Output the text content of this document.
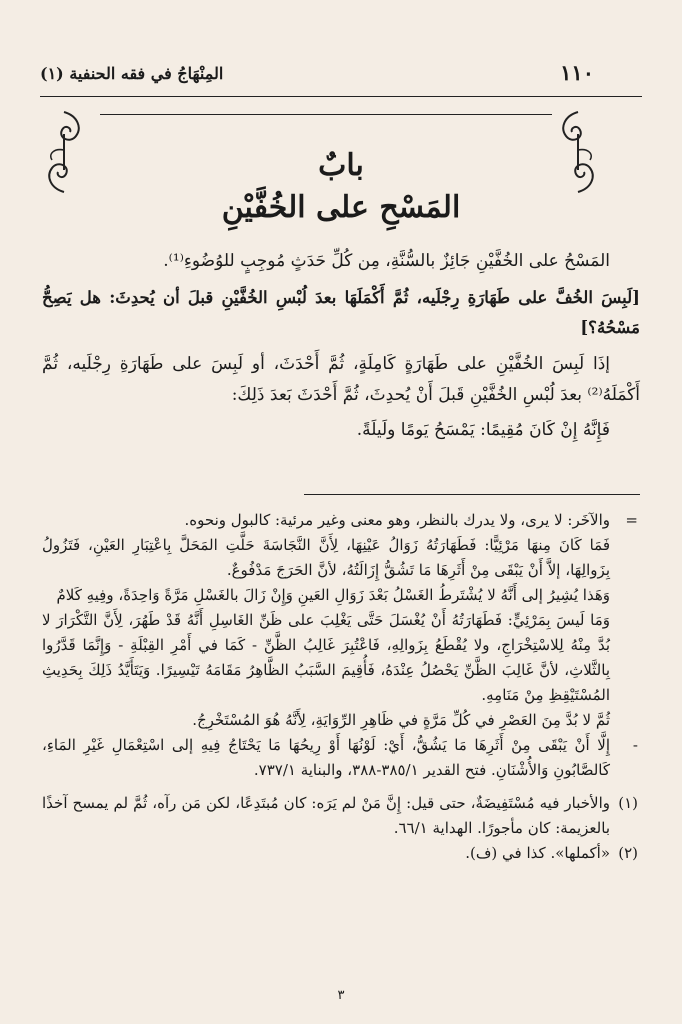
١١٠
المِنْهَاجُ في فقه الحنفية (١)
بابٌ
المَسْحِ على الخُفَّيْنِ

المَسْحُ على الخُفَّيْنِ جَائِزٌ بالسُّنَّةِ، مِن كُلِّ حَدَثٍ مُوجِبٍ للوُضُوءِ⁽¹⁾.

[لَبِسَ الخُفَّ على طَهَارَةِ رِجْلَيه، ثُمَّ أَكْمَلَهَا بعدَ لُبْسِ الخُفَّيْنِ قبلَ أن يُحدِثَ: هل يَصِحُّ مَسْحُهُ؟]

إذَا لَبِسَ الخُفَّيْنِ على طَهَارَةٍ كَامِلَةٍ، ثُمَّ أَحْدَثَ، أو لَبِسَ على طَهَارَةِ رِجْلَيه، ثُمَّ أَكْمَلَهُ⁽²⁾ بعدَ لُبْسِ الخُفَّيْنِ قَبلَ أَنْ يُحدِثَ، ثُمَّ أَحْدَثَ بَعدَ ذَلِكَ:

فَإِنَّهُ إِنْ كَانَ مُقِيمًا: يَمْسَحُ يَومًا ولَيلَةً.

=
والآخَر: لا يرى، ولا يدرك بالنظر، وهو معنى وغير مرئية: كالبول ونحوه.

فَمَا كَانَ مِنهَا مَرْئِيًّا: فَطَهَارَتُهُ زَوَالُ عَيْنِهَا، لِأَنَّ النَّجَاسَةَ حَلَّتِ المَحَلَّ بِاعْتِبَارِ العَيْنِ، فَتَزُولُ بِزَوالِهَا، إلاَّ أَنْ يَبْقَى مِنْ أَثَرِهَا مَا تَشُقُّ إِزَالَتُهُ، لأنَّ الحَرَجَ مَدْفُوعٌ.

وَهَذا يُشِيرُ إلى أَنَّهُ لا يُشْتَرطُ الغَسْلُ بَعْدَ زَوَالِ العَينِ وَإِنْ زَالَ بالغَسْلِ مَرَّةً وَاحِدَةً، وفِيهِ كَلامٌ

وَمَا لَيسَ بِمَرْئِيٍّ: فَطَهَارَتُهُ أَنْ يُغْسَلَ حَتَّى يَغْلِبَ على ظَنِّ الغَاسِلِ أَنَّهُ قَدْ طَهُرَ، لِأَنَّ التَّكْرَارَ لا بُدَّ مِنْهُ لِلاسْتِخْرَاجِ، ولا يُقْطَعُ بِزَوالِهِ، فَاعْتُبِرَ غَالِبُ الظَّنِّ - كَمَا في أَمْرِ القِبْلَةِ - وَإِنَّمَا قَدَّرُوا بِالثَّلاثِ، لأنَّ غَالِبَ الظَّنِّ يَحْصُلُ عِنْدَهُ، فَأُقِيمَ السَّبَبُ الظَّاهِرُ مَقَامَهُ تَيْسِيرًا. وَيَتَأَيَّدُ ذَلِكَ بِحَدِيثِ المُسْتَيْقِظِ مِنْ مَنَامِهِ.

ثُمَّ لا بُدَّ مِنَ العَصْرِ في كُلِّ مَرَّةٍ في ظَاهِرِ الرِّوَايَةِ، لِأَنَّهُ هُوَ المُسْتَخْرِجُ.

-
إِلَّا أَنْ يَبْقَى مِنْ أَثَرِهَا مَا يَشُقُّ، أَيْ: لَوْنُهَا أَوْ رِيحُهَا مَا يَحْتَاجُ فِيهِ إلى اسْتِعْمَالِ غَيْرِ المَاءِ، كَالصَّابُونِ وَالأُشْنَانِ. فتح القدير ٣٨٥/١-٣٨٨، والبناية ٧٣٧/١.

(١)
والأخبار فيه مُسْتَفِيضَةٌ، حتى قيل: إِنَّ مَنْ لم يَرَه: كان مُبتَدِعًا، لكن مَن رآه، ثُمَّ لم يمسح آخذًا بالعزيمة: كان مأجورًا. الهداية ٦٦/١.

(٢)
«أكملها». كذا في (ف).

٣
